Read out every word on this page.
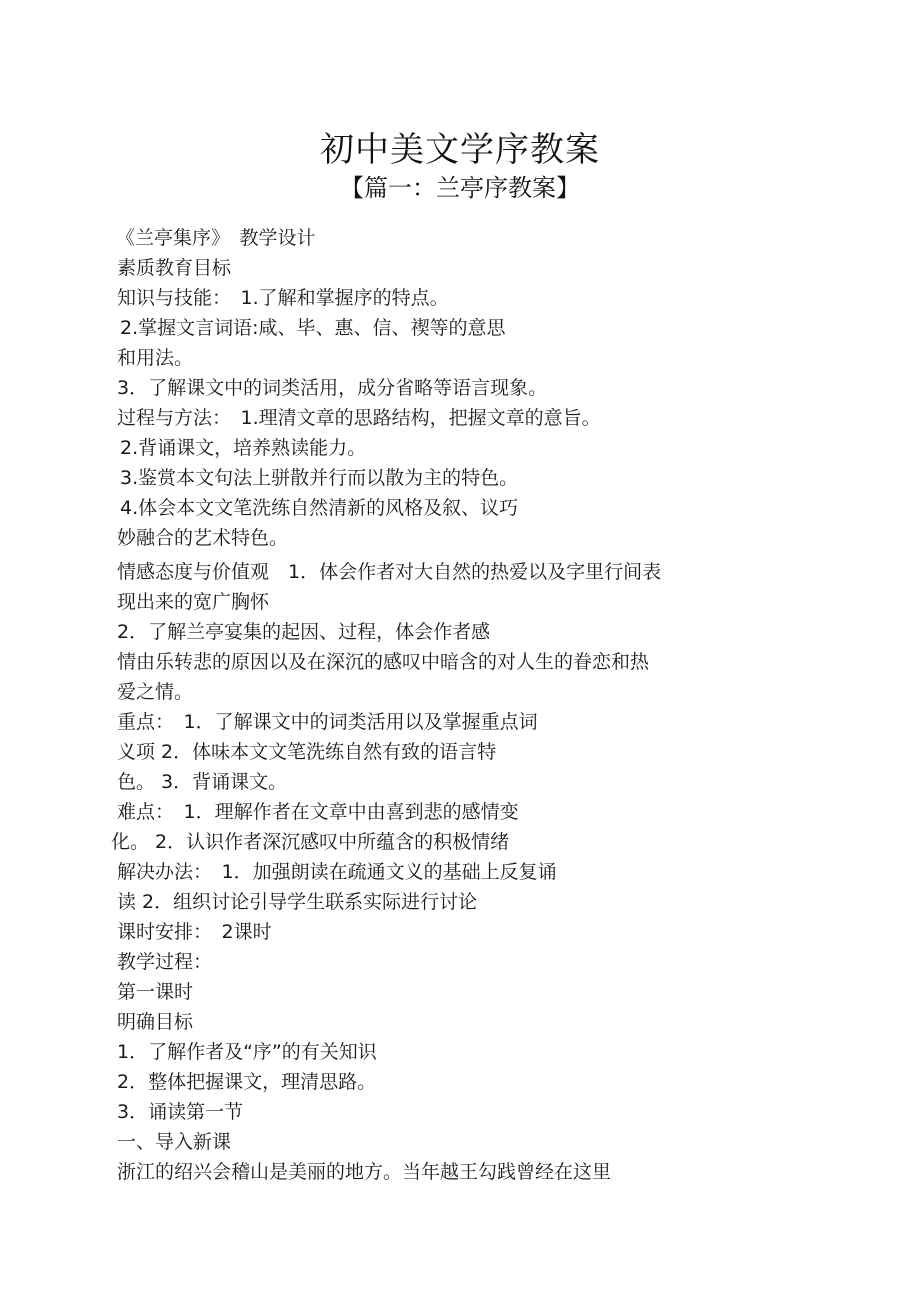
初中美文学序教案
【篇一：兰亭序教案】
《兰亭集序》　教学设计
素质教育目标
知识与技能：　1.了解和掌握序的特点。
2.掌握文言词语:咸、毕、惠、信、禊等的意思
和用法。
3．了解课文中的词类活用，成分省略等语言现象。
过程与方法：　1.理清文章的思路结构，把握文章的意旨。
2.背诵课文，培养熟读能力。
3.鉴赏本文句法上骈散并行而以散为主的特色。
4.体会本文文笔洗练自然清新的风格及叙、议巧
妙融合的艺术特色。
情感态度与价值观　1．体会作者对大自然的热爱以及字里行间表
现出来的宽广胸怀
2．了解兰亭宴集的起因、过程，体会作者感
情由乐转悲的原因以及在深沉的感叹中暗含的对人生的眷恋和热
爱之情。
重点：　1．了解课文中的词类活用以及掌握重点词
义项 2．体味本文文笔洗练自然有致的语言特
色。 3．背诵课文。
难点：　1．理解作者在文章中由喜到悲的感情变
化。 2．认识作者深沉感叹中所蕴含的积极情绪
解决办法：　1．加强朗读在疏通文义的基础上反复诵
读 2．组织讨论引导学生联系实际进行讨论
课时安排：　2课时
教学过程：
第一课时
明确目标
1．了解作者及“序”的有关知识
2．整体把握课文，理清思路。
3．诵读第一节
一、导入新课
浙江的绍兴会稽山是美丽的地方。当年越王勾践曾经在这里
